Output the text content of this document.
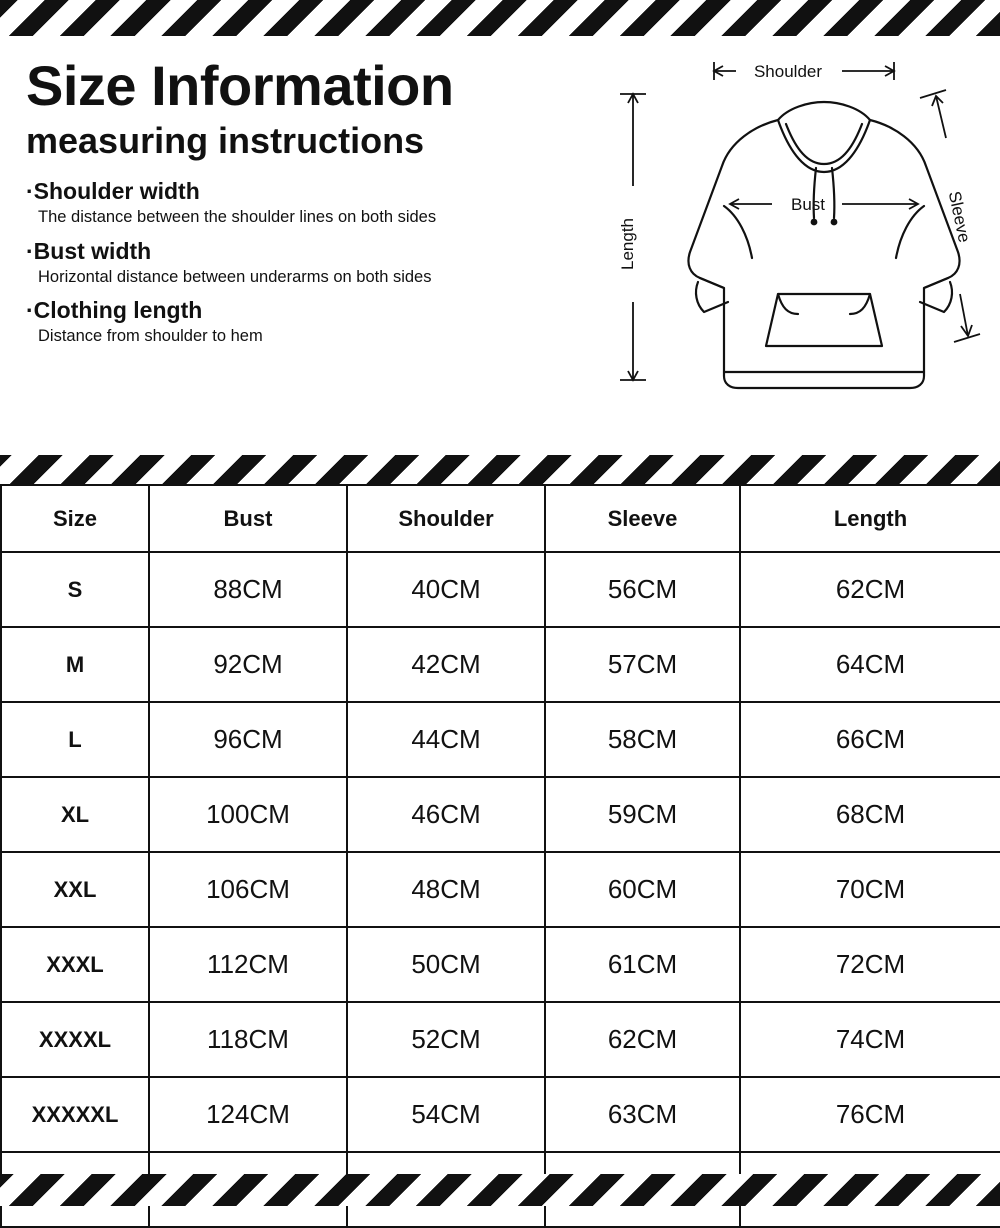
Size Information
measuring instructions

·Shoulder width

The distance between the shoulder lines on both sides

·Bust width

Horizontal distance between underarms on both sides

·Clothing length

Distance from shoulder to hem

Shoulder
Length	Sleeve
Bust
Size	Bust	Shoulder	Sleeve	Length
S	88CM	40CM	56CM	62CM
M	92CM	42CM	57CM	64CM
L	96CM	44CM	58CM	66CM
XL	100CM	46CM	59CM	68CM
XXL	106CM	48CM	60CM	70CM
XXXL	112CM	50CM	61CM	72CM
XXXXL	118CM	52CM	62CM	74CM
XXXXXL	124CM	54CM	63CM	76CM
